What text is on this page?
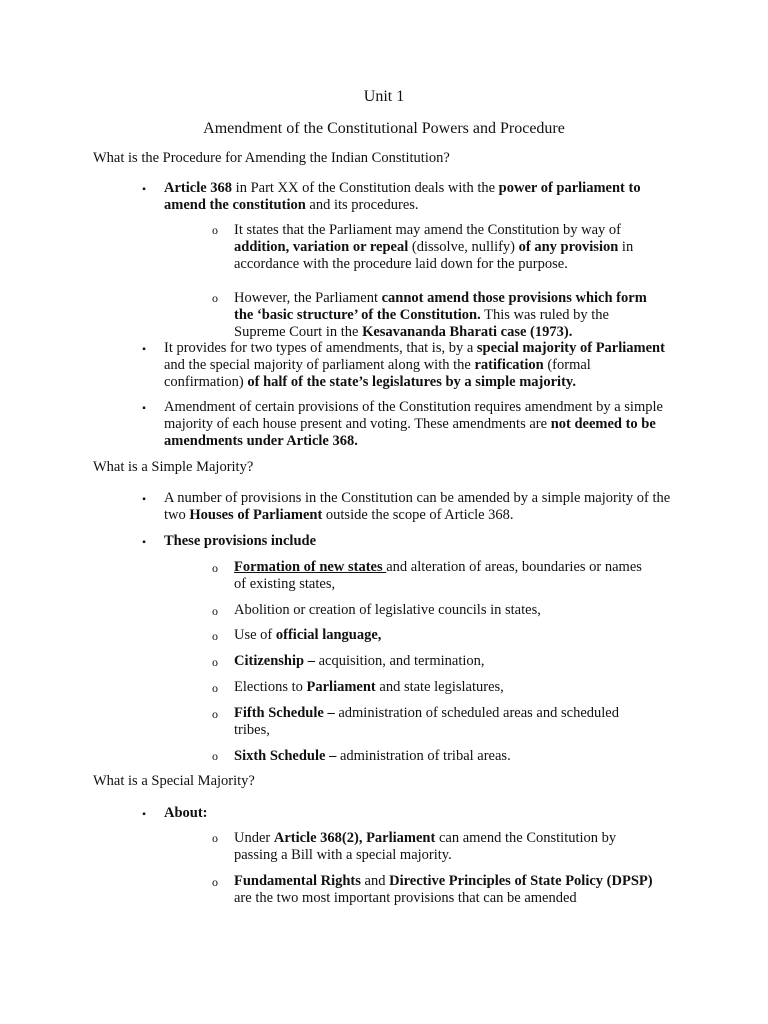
Unit 1
Amendment of the Constitutional Powers and Procedure
What is the Procedure for Amending the Indian Constitution?
▪ Article 368 in Part XX of the Constitution deals with the power of parliament to amend the constitution and its procedures.
o It states that the Parliament may amend the Constitution by way of addition, variation or repeal (dissolve, nullify) of any provision in accordance with the procedure laid down for the purpose.
o However, the Parliament cannot amend those provisions which form the ‘basic structure’ of the Constitution. This was ruled by the Supreme Court in the Kesavananda Bharati case (1973).
▪ It provides for two types of amendments, that is, by a special majority of Parliament and the special majority of parliament along with the ratification (formal confirmation) of half of the state’s legislatures by a simple majority.
▪ Amendment of certain provisions of the Constitution requires amendment by a simple majority of each house present and voting. These amendments are not deemed to be amendments under Article 368.
What is a Simple Majority?
▪ A number of provisions in the Constitution can be amended by a simple majority of the two Houses of Parliament outside the scope of Article 368.
▪ These provisions include
o Formation of new states and alteration of areas, boundaries or names of existing states,
o Abolition or creation of legislative councils in states,
o Use of official language,
o Citizenship – acquisition, and termination,
o Elections to Parliament and state legislatures,
o Fifth Schedule – administration of scheduled areas and scheduled tribes,
o Sixth Schedule – administration of tribal areas.
What is a Special Majority?
▪ About:
o Under Article 368(2), Parliament can amend the Constitution by passing a Bill with a special majority.
o Fundamental Rights and Directive Principles of State Policy (DPSP) are the two most important provisions that can be amended
